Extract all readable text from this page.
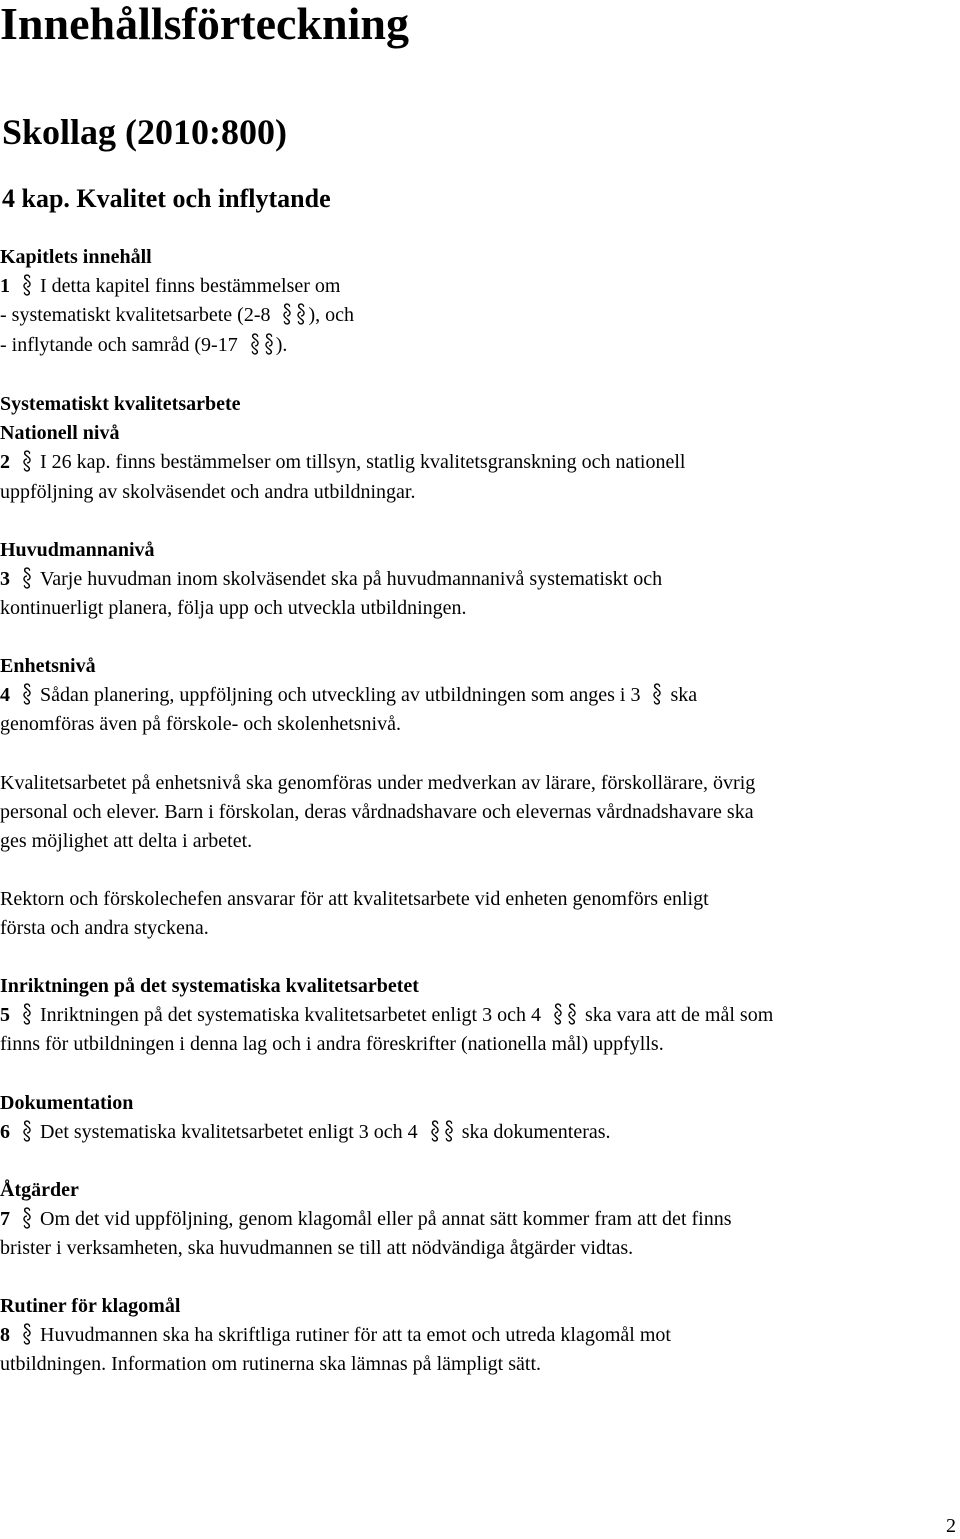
Innehållsförteckning
Skollag (2010:800)
4 kap. Kvalitet och inflytande
Kapitlets innehåll
1 I detta kapitel finns bestämmelser om
- systematiskt kvalitetsarbete (2-8 ), och
- inflytande och samråd (9-17 ).
Systematiskt kvalitetsarbete
Nationell nivå
2 I 26 kap. finns bestämmelser om tillsyn, statlig kvalitetsgranskning och nationell
uppföljning av skolväsendet och andra utbildningar.
Huvudmannanivå
3 Varje huvudman inom skolväsendet ska på huvudmannanivå systematiskt och
kontinuerligt planera, följa upp och utveckla utbildningen.
Enhetsnivå
4 Sådan planering, uppföljning och utveckling av utbildningen som anges i 3 ska
genomföras även på förskole- och skolenhetsnivå.
Kvalitetsarbetet på enhetsnivå ska genomföras under medverkan av lärare, förskollärare, övrig
personal och elever. Barn i förskolan, deras vårdnadshavare och elevernas vårdnadshavare ska
ges möjlighet att delta i arbetet.
Rektorn och förskolechefen ansvarar för att kvalitetsarbete vid enheten genomförs enligt
första och andra styckena.
Inriktningen på det systematiska kvalitetsarbetet
5 Inriktningen på det systematiska kvalitetsarbetet enligt 3 och 4 ska vara att de mål som
finns för utbildningen i denna lag och i andra föreskrifter (nationella mål) uppfylls.
Dokumentation
6 Det systematiska kvalitetsarbetet enligt 3 och 4 ska dokumenteras.
Åtgärder
7 Om det vid uppföljning, genom klagomål eller på annat sätt kommer fram att det finns
brister i verksamheten, ska huvudmannen se till att nödvändiga åtgärder vidtas.
Rutiner för klagomål
8 Huvudmannen ska ha skriftliga rutiner för att ta emot och utreda klagomål mot
utbildningen. Information om rutinerna ska lämnas på lämpligt sätt.
2
